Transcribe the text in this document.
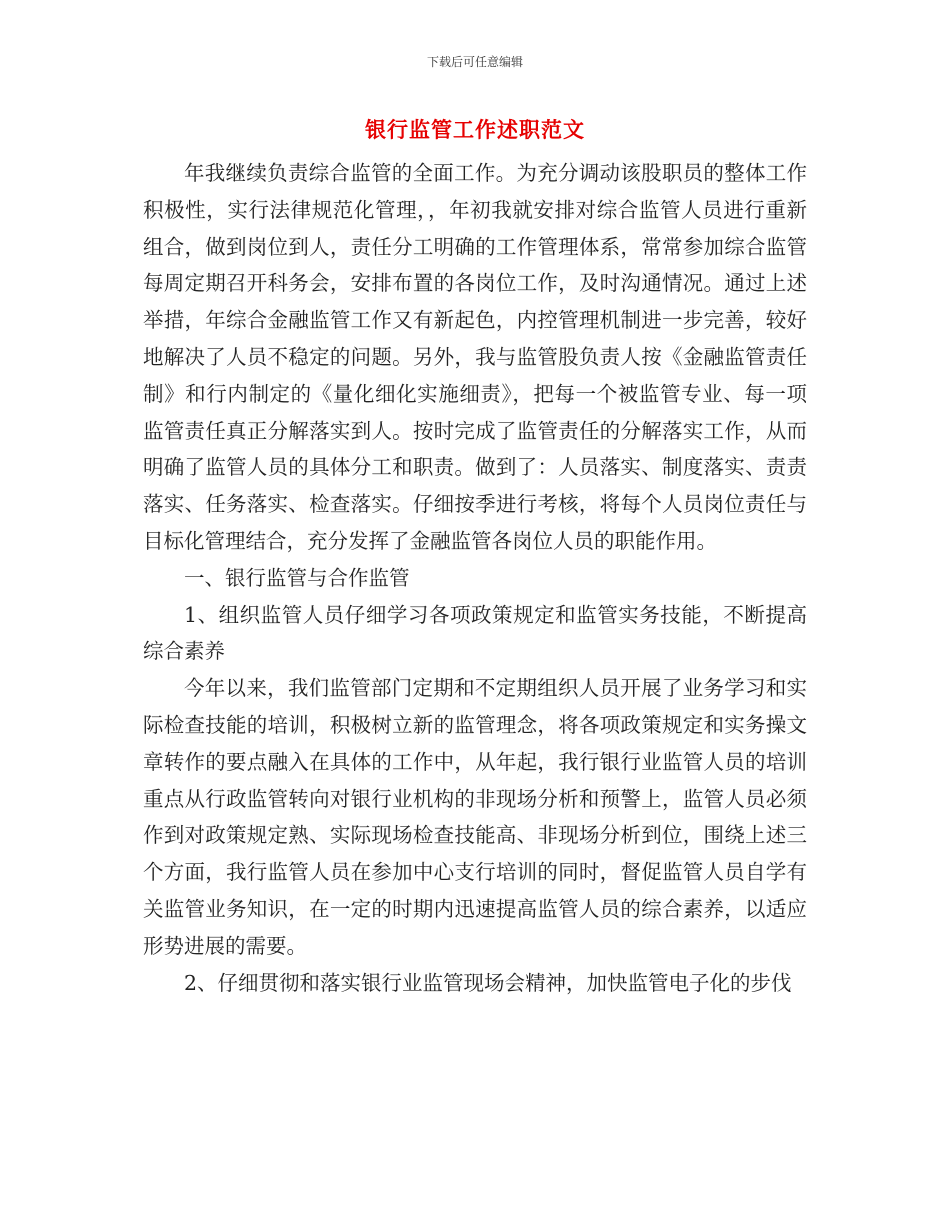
下载后可任意编辑
银行监管工作述职范文

年我继续负责综合监管的全面工作。为充分调动该股职员的整体工作积极性，实行法律规范化管理，，年初我就安排对综合监管人员进行重新组合，做到岗位到人，责任分工明确的工作管理体系，常常参加综合监管每周定期召开科务会，安排布置的各岗位工作，及时沟通情况。通过上述举措，年综合金融监管工作又有新起色，内控管理机制进一步完善，较好地解决了人员不稳定的问题。另外，我与监管股负责人按《金融监管责任制》和行内制定的《量化细化实施细责》，把每一个被监管专业、每一项监管责任真正分解落实到人。按时完成了监管责任的分解落实工作，从而明确了监管人员的具体分工和职责。做到了：人员落实、制度落实、责责落实、任务落实、检查落实。仔细按季进行考核，将每个人员岗位责任与目标化管理结合，充分发挥了金融监管各岗位人员的职能作用。

一、银行监管与合作监管

1、组织监管人员仔细学习各项政策规定和监管实务技能，不断提高综合素养

今年以来，我们监管部门定期和不定期组织人员开展了业务学习和实际检查技能的培训，积极树立新的监管理念，将各项政策规定和实务操文章转作的要点融入在具体的工作中，从年起，我行银行业监管人员的培训重点从行政监管转向对银行业机构的非现场分析和预警上，监管人员必须作到对政策规定熟、实际现场检查技能高、非现场分析到位，围绕上述三个方面，我行监管人员在参加中心支行培训的同时，督促监管人员自学有关监管业务知识，在一定的时期内迅速提高监管人员的综合素养，以适应形势进展的需要。

2、仔细贯彻和落实银行业监管现场会精神，加快监管电子化的步伐
